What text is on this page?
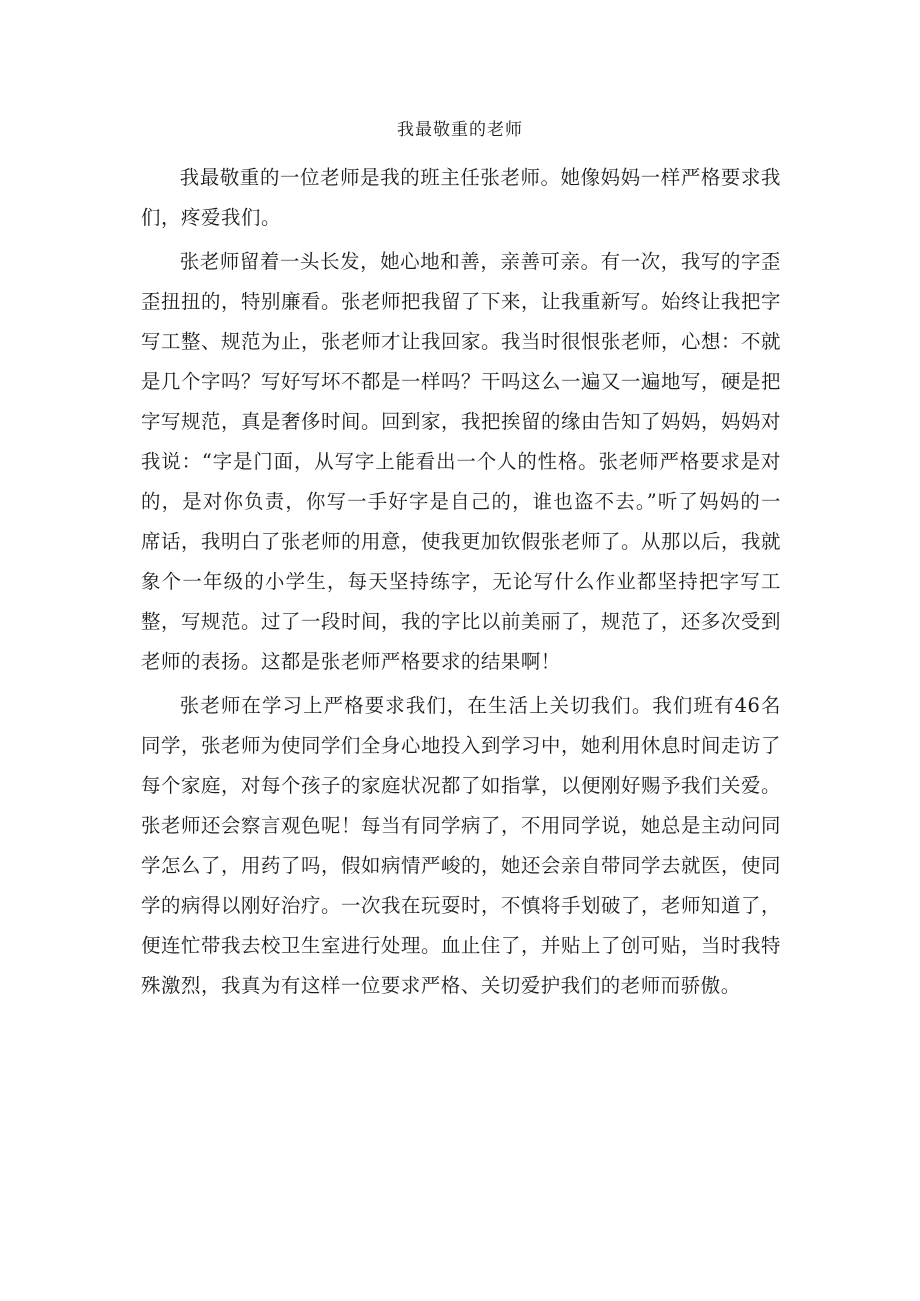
我最敬重的老师

我最敬重的一位老师是我的班主任张老师。她像妈妈一样严格要求我们，疼爱我们。

张老师留着一头长发，她心地和善，亲善可亲。有一次，我写的字歪歪扭扭的，特别廉看。张老师把我留了下来，让我重新写。始终让我把字写工整、规范为止，张老师才让我回家。我当时很恨张老师，心想：不就是几个字吗？写好写坏不都是一样吗？干吗这么一遍又一遍地写，硬是把字写规范，真是奢侈时间。回到家，我把挨留的缘由告知了妈妈，妈妈对我说：“字是门面，从写字上能看出一个人的性格。张老师严格要求是对的，是对你负责，你写一手好字是自己的，谁也盗不去。”听了妈妈的一席话，我明白了张老师的用意，使我更加钦假张老师了。从那以后，我就象个一年级的小学生，每天坚持练字，无论写什么作业都坚持把字写工整，写规范。过了一段时间，我的字比以前美丽了，规范了，还多次受到老师的表扬。这都是张老师严格要求的结果啊！

张老师在学习上严格要求我们，在生活上关切我们。我们班有46名同学，张老师为使同学们全身心地投入到学习中，她利用休息时间走访了每个家庭，对每个孩子的家庭状况都了如指掌，以便刚好赐予我们关爱。张老师还会察言观色呢！每当有同学病了，不用同学说，她总是主动问同学怎么了，用药了吗，假如病情严峻的，她还会亲自带同学去就医，使同学的病得以刚好治疗。一次我在玩耍时，不慎将手划破了，老师知道了，便连忙带我去校卫生室进行处理。血止住了，并贴上了创可贴，当时我特殊激烈，我真为有这样一位要求严格、关切爱护我们的老师而骄傲。
